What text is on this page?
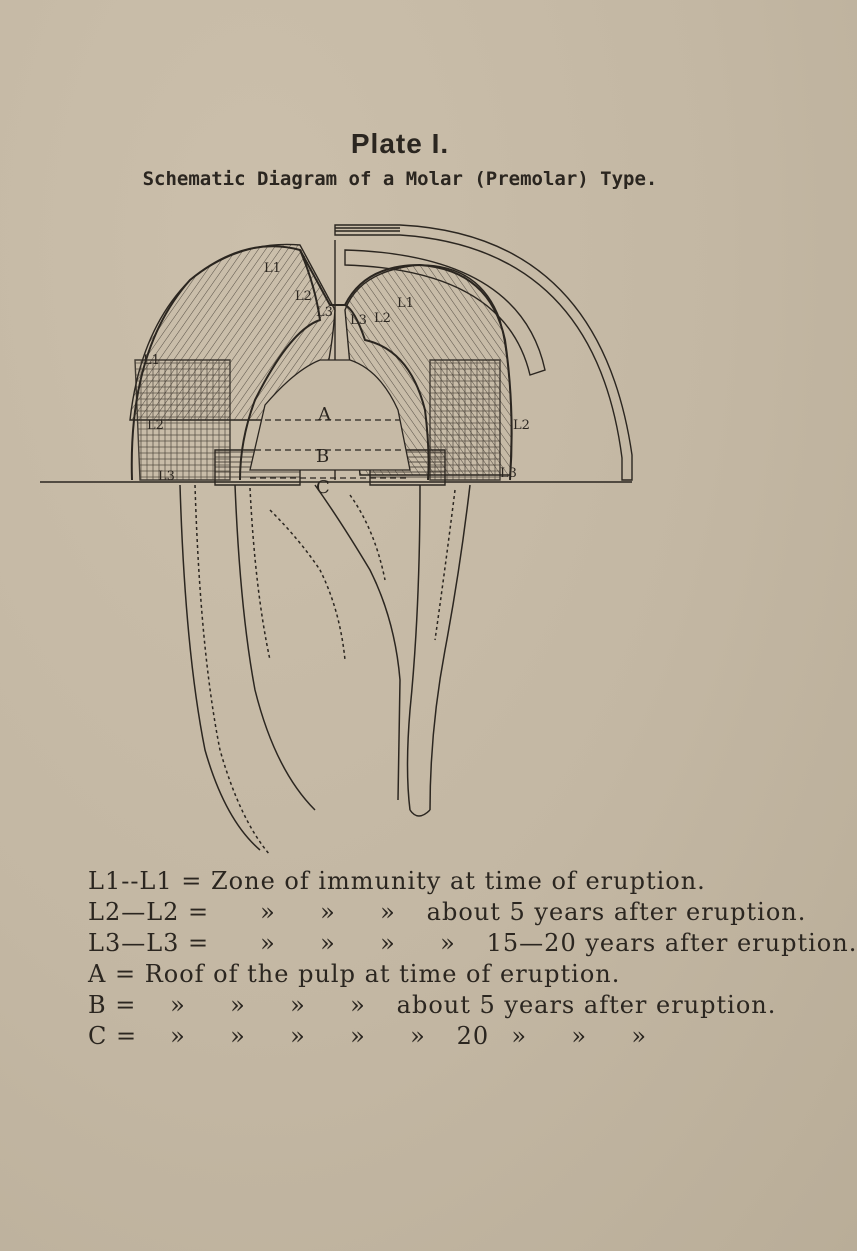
Plate I.
Schematic Diagram of a Molar (Premolar) Type.
L1
L2
L3
L3 L2
L1
L1
L2
L3
L2
L3
A
B
C
L1--L1 = Zone of immunity at time of eruption.
L2—L2 = » » » about 5 years after eruption.
L3—L3 = » » » » 15—20 years after eruption.
A = Roof of the pulp at time of eruption.
B = » » » » about 5 years after eruption.
C = » » » » » 20 » » »
